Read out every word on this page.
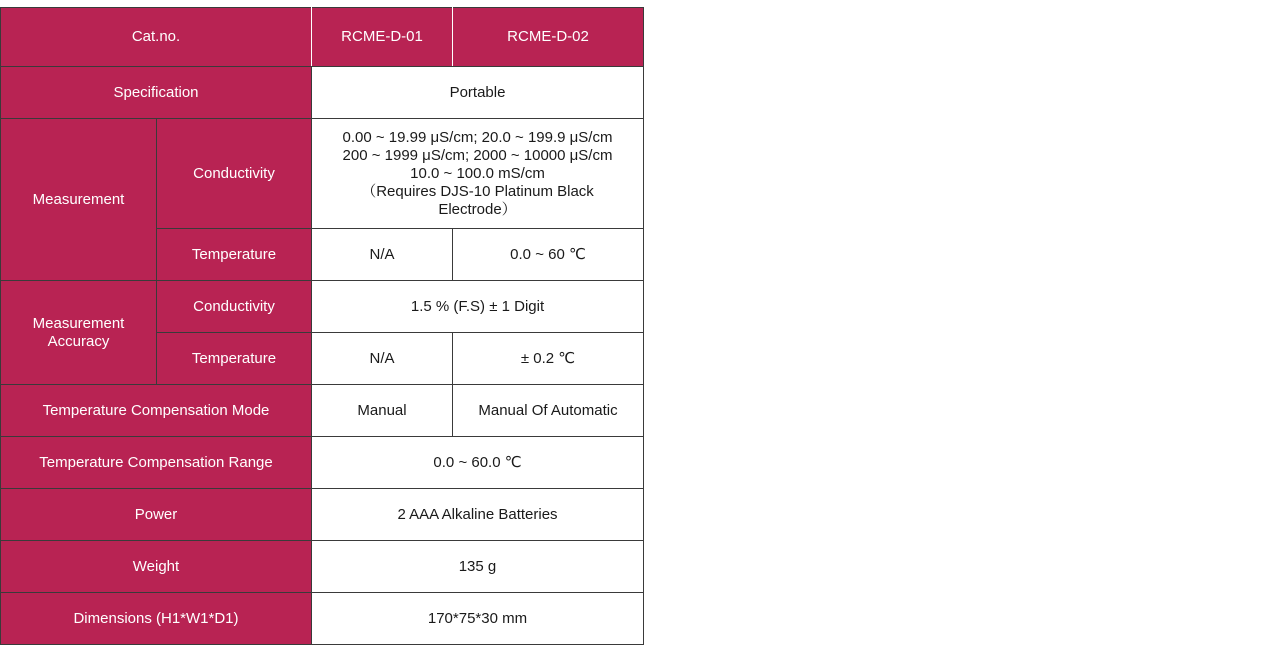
Cat.no.		RCME-D-01	RCME-D-02
Specification		Portable	
Measurement	Conductivity	0.00 ~ 19.99 μS/cm; 20.0 ~ 199.9 μS/cm
200 ~ 1999 μS/cm; 2000 ~ 10000 μS/cm
10.0 ~ 100.0 mS/cm
（Requires DJS-10 Platinum Black
Electrode）	

	Temperature	N/A	0.0 ~ 60 ℃

Measurement
Accuracy	Conductivity	1.5 % (F.S) ± 1 Digit	
	Temperature	N/A	± 0.2 ℃
Temperature Compensation Mode		Manual	Manual Of Automatic
Temperature Compensation Range		0.0 ~ 60.0 ℃	
Power		2 AAA Alkaline Batteries	
Weight		135 g	
Dimensions (H1*W1*D1)		170*75*30 mm	
